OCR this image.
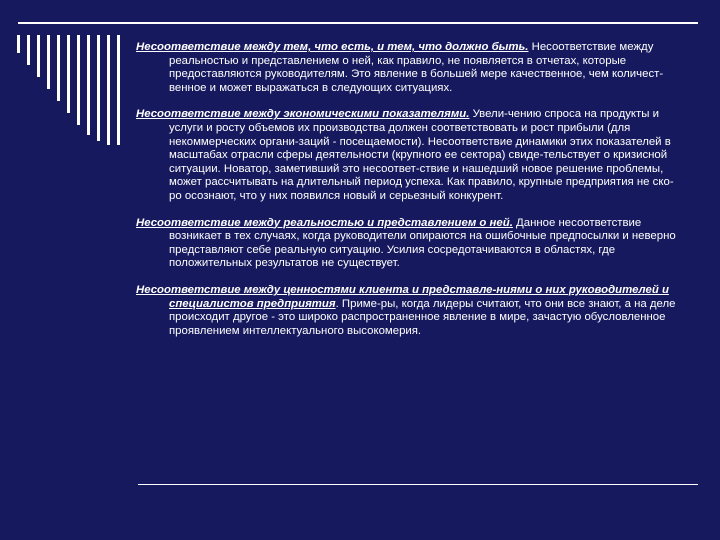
Несоответствие между тем, что есть, и тем, что должно быть. Несоответствие между реальностью и представлением о ней, как правило, не появляется в отчетах, которые предоставляются руководителям. Это явление в большей мере качественное, чем количест-венное и может выражаться в следующих ситуациях.

Несоответствие между экономическими показателями. Увели-чению спроса на продукты и услуги и росту объемов их производства должен соответствовать и рост прибыли (для некоммерческих органи-заций - посещаемости). Несоответствие динамики этих показателей в масштабах отрасли сферы деятельности (крупного ее сектора) свиде-тельствует о кризисной ситуации. Новатор, заметивший это несоответ-ствие и нашедший новое решение проблемы, может рассчитывать на длительный период успеха. Как правило, крупные предприятия не ско-ро осознают, что у них появился новый и серьезный конкурент.

Несоответствие между реальностью и представлением о ней. Данное несоответствие возникает в тех случаях, когда руководители опираются на ошибочные предпосылки и неверно представляют себе реальную ситуацию. Усилия сосредотачиваются в областях, где положительных результатов не существует.

Несоответствие между ценностями клиента и представле-ниями о них руководителей и специалистов предприятия. Приме-ры, когда лидеры считают, что они все знают, а на деле происходит другое - это широко распространенное явление в мире, зачастую обусловленное проявлением интеллектуального высокомерия.
